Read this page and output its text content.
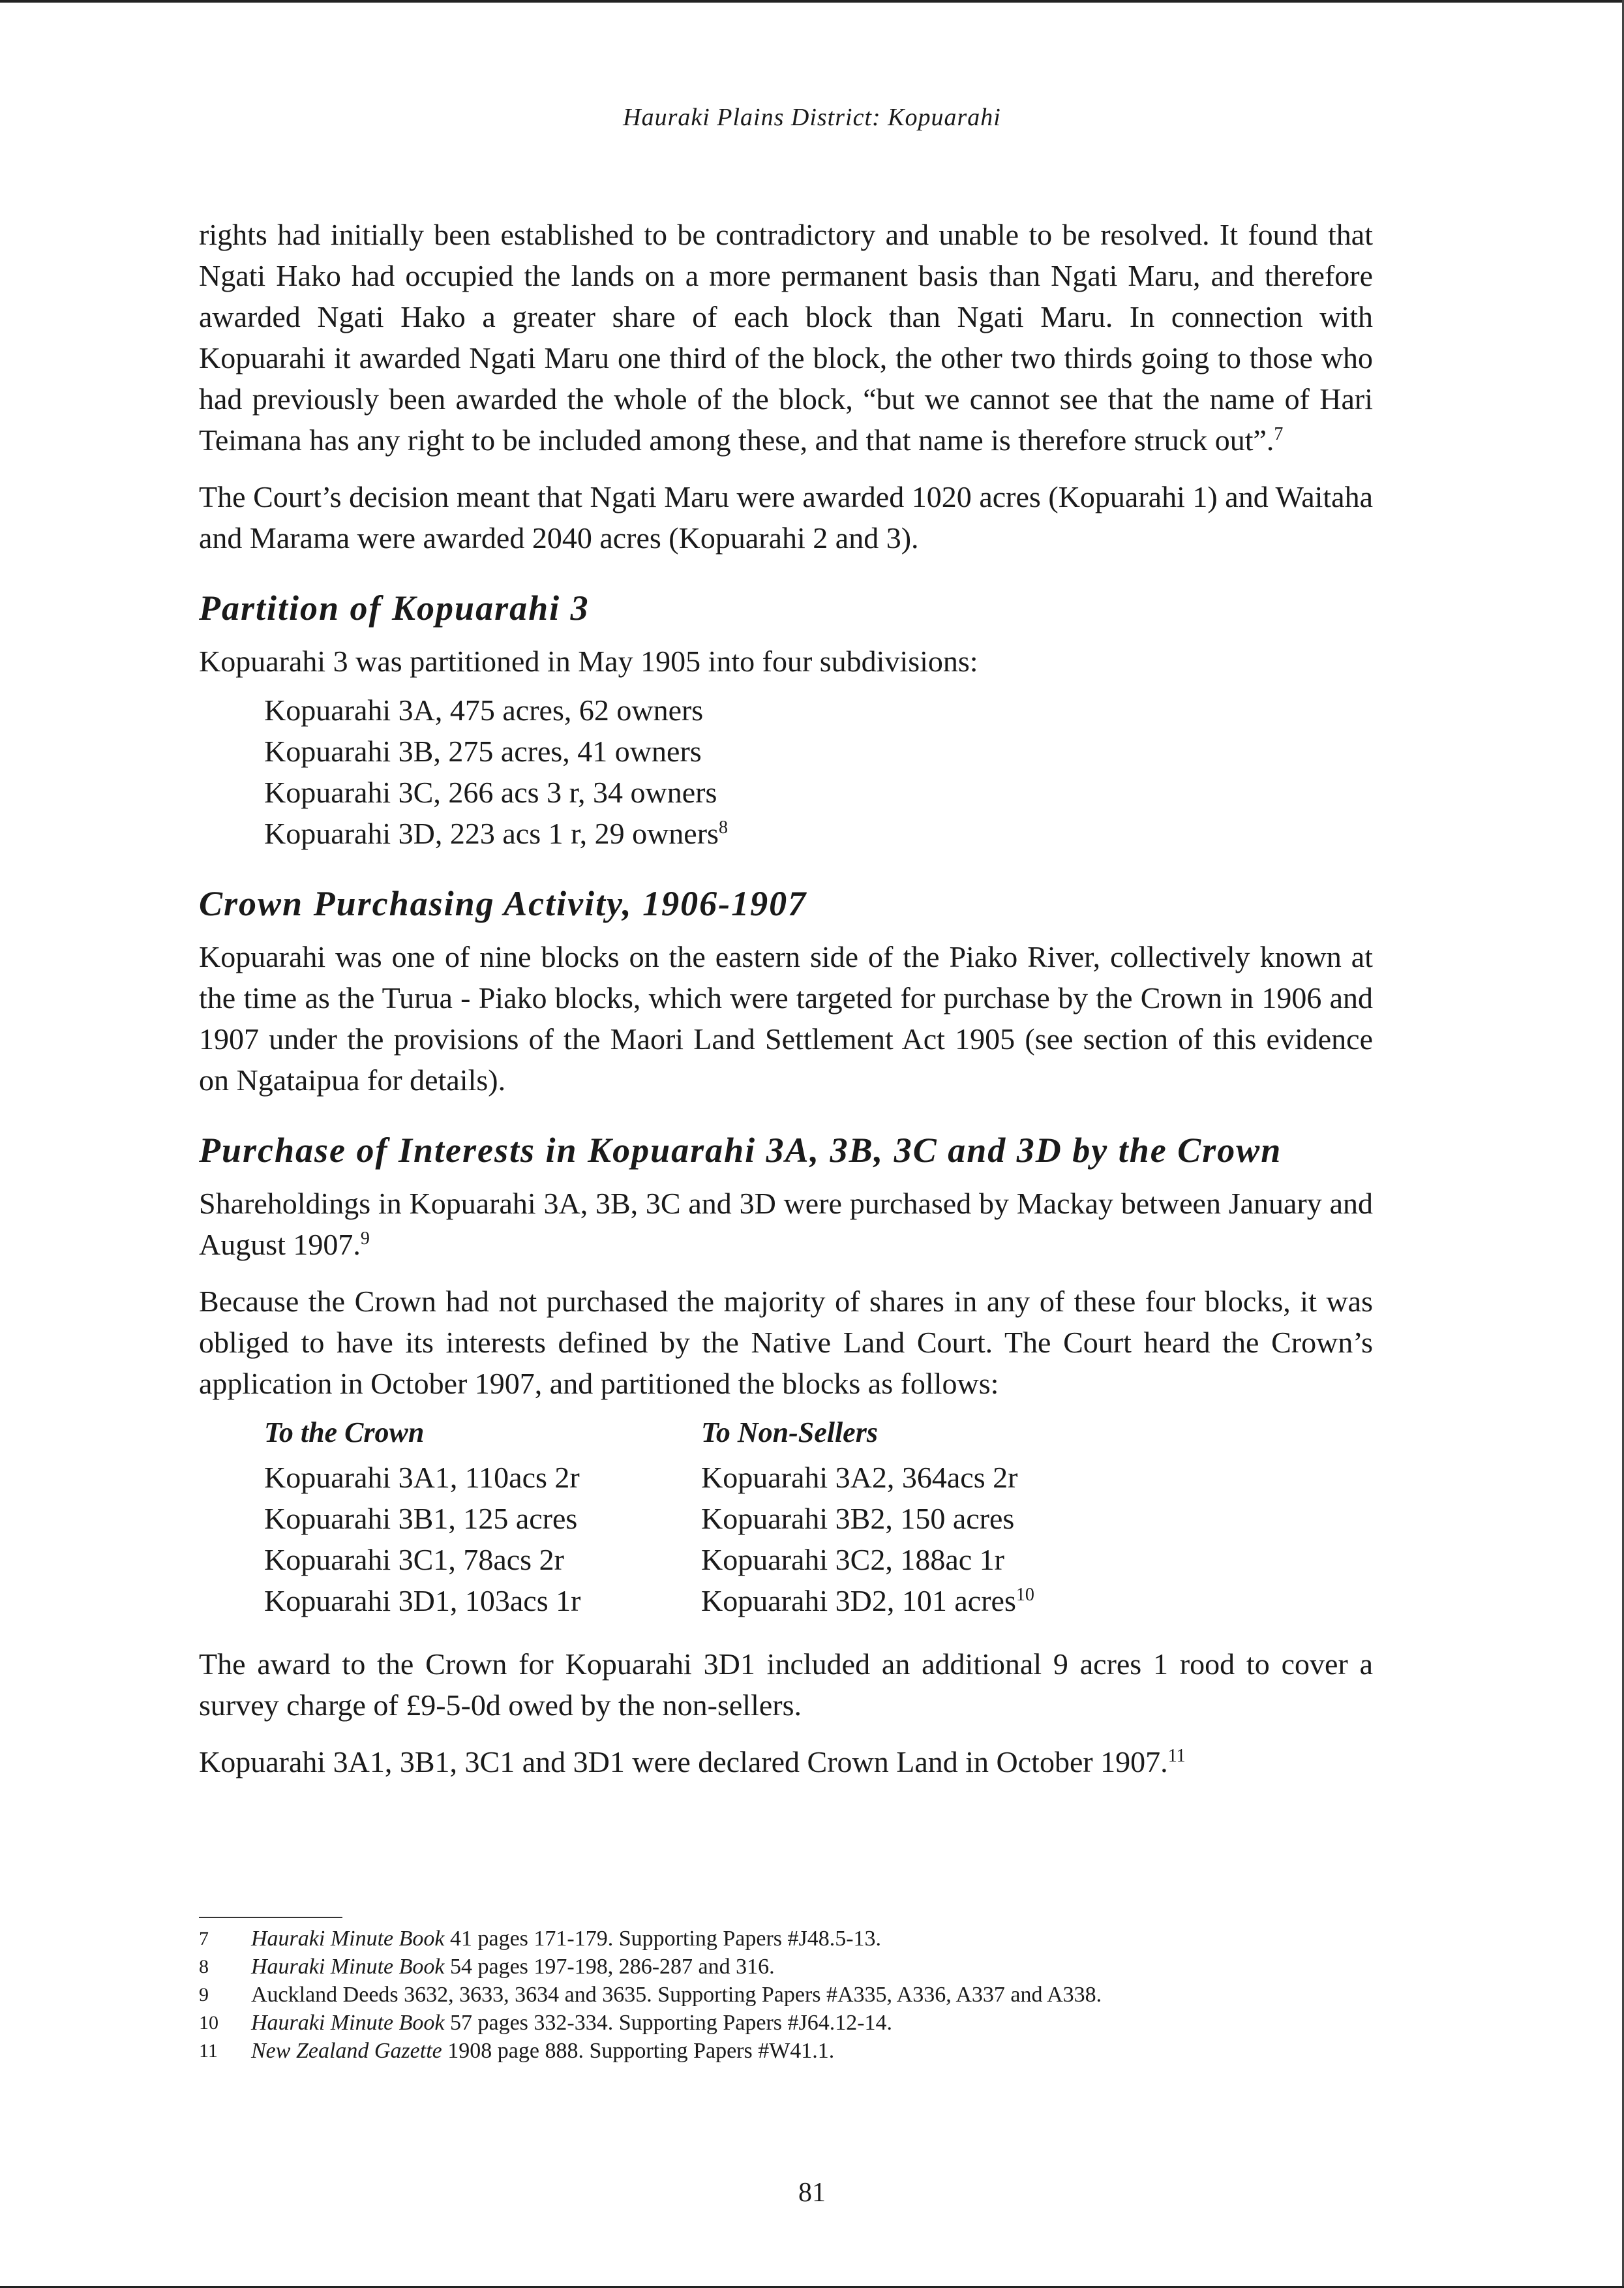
Hauraki Plains District: Kopuarahi

rights had initially been established to be contradictory and unable to be resolved. It found that Ngati Hako had occupied the lands on a more permanent basis than Ngati Maru, and therefore awarded Ngati Hako a greater share of each block than Ngati Maru. In connection with Kopuarahi it awarded Ngati Maru one third of the block, the other two thirds going to those who had previously been awarded the whole of the block, “but we cannot see that the name of Hari Teimana has any right to be included among these, and that name is therefore struck out”.$^7$

The Court’s decision meant that Ngati Maru were awarded 1020 acres (Kopuarahi 1) and Waitaha and Marama were awarded 2040 acres (Kopuarahi 2 and 3).

Partition of Kopuarahi 3

Kopuarahi 3 was partitioned in May 1905 into four subdivisions:

Kopuarahi 3A, 475 acres, 62 owners
Kopuarahi 3B, 275 acres, 41 owners
Kopuarahi 3C, 266 acs 3 r, 34 owners
Kopuarahi 3D, 223 acs 1 r, 29 owners$^8$
Crown Purchasing Activity, 1906-1907

Kopuarahi was one of nine blocks on the eastern side of the Piako River, collectively known at the time as the Turua - Piako blocks, which were targeted for purchase by the Crown in 1906 and 1907 under the provisions of the Maori Land Settlement Act 1905 (see section of this evidence on Ngataipua for details).

Purchase of Interests in Kopuarahi 3A, 3B, 3C and 3D by the Crown

Shareholdings in Kopuarahi 3A, 3B, 3C and 3D were purchased by Mackay between January and August 1907.$^9$

Because the Crown had not purchased the majority of shares in any of these four blocks, it was obliged to have its interests defined by the Native Land Court. The Court heard the Crown’s application in October 1907, and partitioned the blocks as follows:

To the Crown	To Non-Sellers
Kopuarahi 3A1, 110acs 2r	Kopuarahi 3A2, 364acs 2r
Kopuarahi 3B1, 125 acres	Kopuarahi 3B2, 150 acres
Kopuarahi 3C1, 78acs 2r	Kopuarahi 3C2, 188ac 1r
Kopuarahi 3D1, 103acs 1r	Kopuarahi 3D2, 101 acres$^{10}$

The award to the Crown for Kopuarahi 3D1 included an additional 9 acres 1 rood to cover a survey charge of £9-5-0d owed by the non-sellers.

Kopuarahi 3A1, 3B1, 3C1 and 3D1 were declared Crown Land in October 1907.11

7	Hauraki Minute Book 41 pages 171-179. Supporting Papers #J48.5-13.
8	Hauraki Minute Book 54 pages 197-198, 286-287 and 316.
9	Auckland Deeds 3632, 3633, 3634 and 3635. Supporting Papers #A335, A336, A337 and A338.
10	Hauraki Minute Book 57 pages 332-334. Supporting Papers #J64.12-14.
11	New Zealand Gazette 1908 page 888. Supporting Papers #W41.1.
81
